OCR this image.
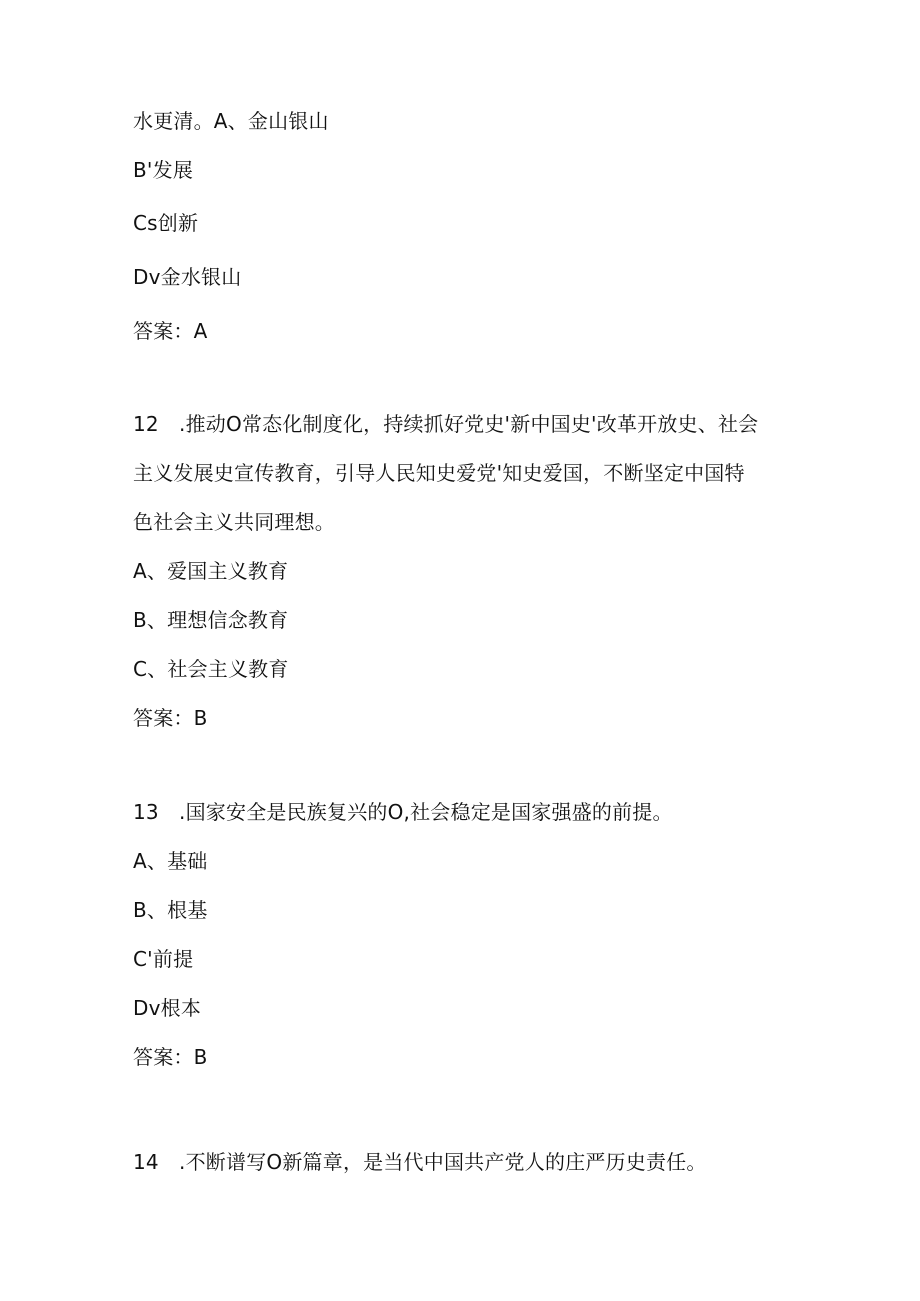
水更清。A、金山银山
B'发展
Cs创新
Dv金水银山
答案：A
12　.推动O常态化制度化，持续抓好党史'新中国史'改革开放史、社会
主义发展史宣传教育，引导人民知史爱党'知史爱国，不断坚定中国特
色社会主义共同理想。
A、爱国主义教育
B、理想信念教育
C、社会主义教育
答案：B
13　.国家安全是民族复兴的O,社会稳定是国家强盛的前提。
A、基础
B、根基
C'前提
Dv根本
答案：B
14　.不断谱写O新篇章，是当代中国共产党人的庄严历史责任。
